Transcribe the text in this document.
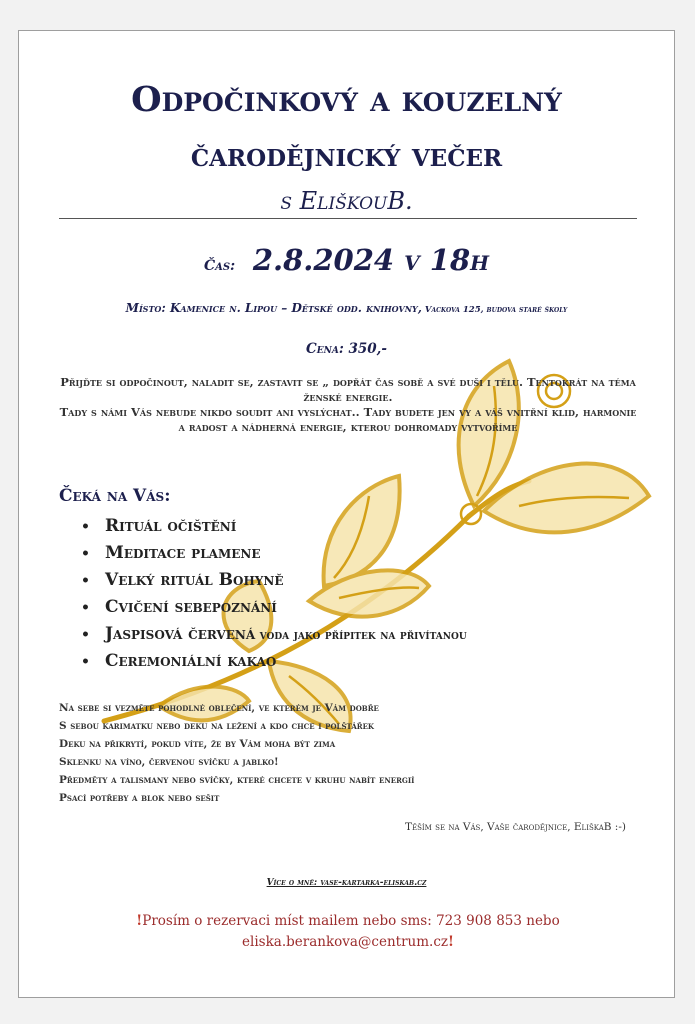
Odpočinkový a kouzelný
čarodějnický večer
s EliškouB.
Čas: 2.8.2024 v 18h
Místo: Kamenice n. Lipou – Dětské odd. knihovny, Vackova 125, budova staré školy
Cena: 350,-
Přijďte si odpočinout, naladit se, zastavit se „ dopřát čas sobě a své duši i tělu. Tentokrát na téma ženské energie.
Tady s námi Vás nebude nikdo soudit ani vyslýchat.. Tady budete jen vy a váš vnitřní klid, harmonie a radost a nádherná energie, kterou dohromady vytvoříme
Čeká na Vás:
• Rituál očištění
• Meditace plamene
• Velký rituál Bohyně
• Cvičení sebepoznání
• Jaspisová červená voda jako přípitek na přivítanou
• Ceremoniální kakao
Na sebe si vezměte pohodlné oblečení, ve kterém je Vám dobře
S sebou karimatku nebo deku na ležení a kdo chce i polštářek
Deku na přikrytí, pokud víte, že by Vám moha být zima
Sklenku na víno, červenou svíčku a jablko!
Předměty a talismany nebo svíčky, které chcete v kruhu nabít energií
Psací potřeby a blok nebo sešit
Těším se na Vás, Vaše čarodějnice, EliškaB :-)
Více o mně: vase-kartarka-eliskab.cz
!Prosím o rezervaci míst mailem nebo sms: 723 908 853 nebo eliska.berankova@centrum.cz!
